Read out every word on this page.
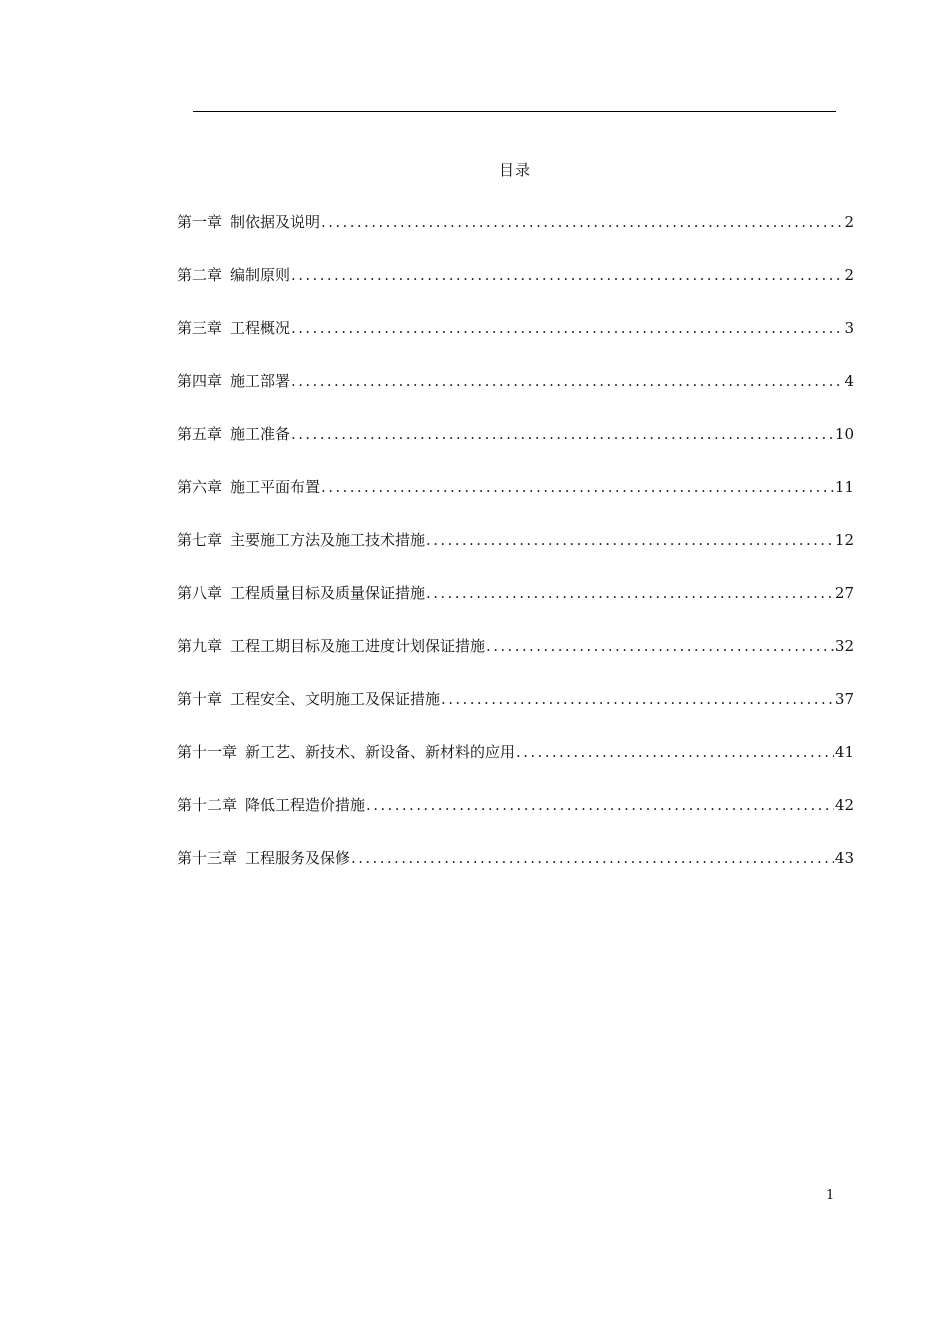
目录
第一章 制依据及说明 .....	2
第二章 编制原则 .....	2
第三章 工程概况 .....	3
第四章 施工部署 .....	4
第五章 施工准备 .....	10
第六章 施工平面布置 .....	11
第七章 主要施工方法及施工技术措施 .....	12
第八章 工程质量目标及质量保证措施 .....	27
第九章 工程工期目标及施工进度计划保证措施 .....	32
第十章 工程安全、文明施工及保证措施 .....	37
第十一章 新工艺、新技术、新设备、新材料的应用 .....	41
第十二章 降低工程造价措施 .....	42
第十三章 工程服务及保修 .....	43
1
